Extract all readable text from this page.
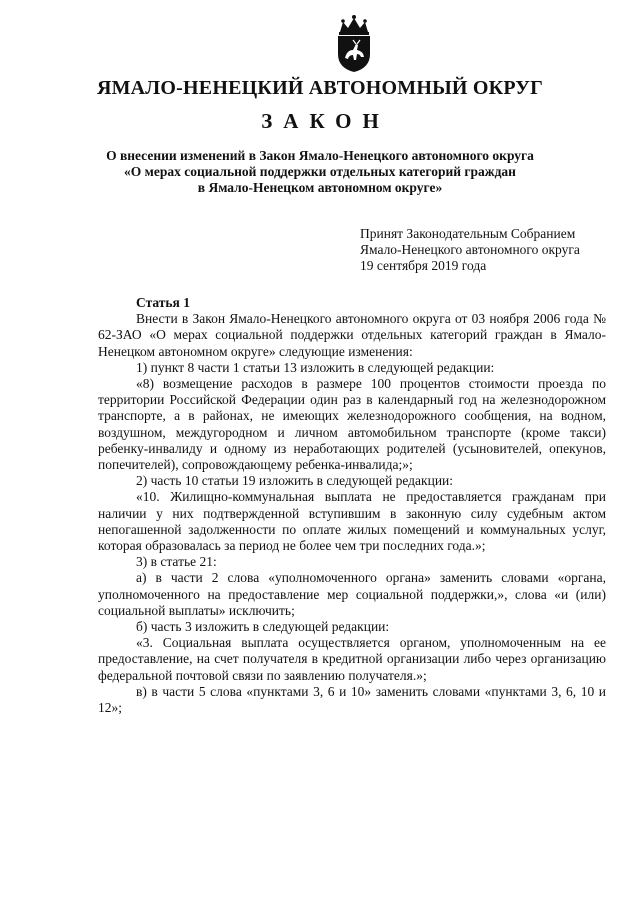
ЯМАЛО-НЕНЕЦКИЙ АВТОНОМНЫЙ ОКРУГ
ЗАКОН
О внесении изменений в Закон Ямало-Ненецкого автономного округа
«О мерах социальной поддержки отдельных категорий граждан
в Ямало-Ненецком автономном округе»
Принят Законодательным Собранием
Ямало-Ненецкого автономного округа
19 сентября 2019 года
Статья 1

Внести в Закон Ямало-Ненецкого автономного округа от 03 ноября 2006 года № 62-ЗАО «О мерах социальной поддержки отдельных категорий граждан в Ямало-Ненецком автономном округе» следующие изменения:

1) пункт 8 части 1 статьи 13 изложить в следующей редакции:

«8) возмещение расходов в размере 100 процентов стоимости проезда по территории Российской Федерации один раз в календарный год на железнодорожном транспорте, а в районах, не имеющих железнодорожного сообщения, на водном, воздушном, междугородном и личном автомобильном транспорте (кроме такси) ребенку-инвалиду и одному из неработающих родителей (усыновителей, опекунов, попечителей), сопровождающему ребенка-инвалида;»;

2) часть 10 статьи 19 изложить в следующей редакции:

«10. Жилищно-коммунальная выплата не предоставляется гражданам при наличии у них подтвержденной вступившим в законную силу судебным актом непогашенной задолженности по оплате жилых помещений и коммунальных услуг, которая образовалась за период не более чем три последних года.»;

3) в статье 21:

а) в части 2 слова «уполномоченного органа» заменить словами «органа, уполномоченного на предоставление мер социальной поддержки,», слова «и (или) социальной выплаты» исключить;

б) часть 3 изложить в следующей редакции:

«3. Социальная выплата осуществляется органом, уполномоченным на ее предоставление, на счет получателя в кредитной организации либо через организацию федеральной почтовой связи по заявлению получателя.»;

в) в части 5 слова «пунктами 3, 6 и 10» заменить словами «пунктами 3, 6, 10 и 12»;
